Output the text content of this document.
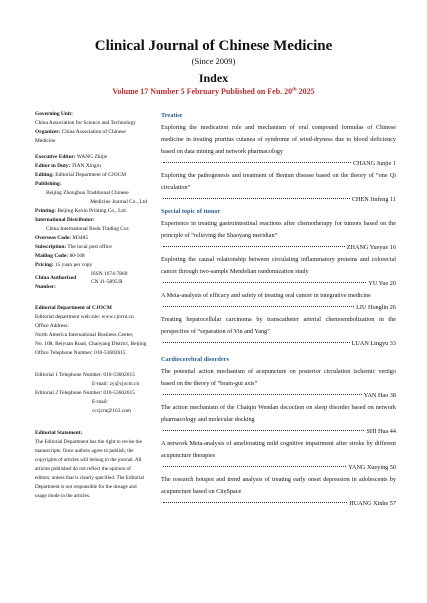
Clinical Journal of Chinese Medicine
(Since 2009)
Index
Volume 17 Number 5 February Published on Feb. 20th 2025

Governing Unit:

China Association for Science and Technology

Organizer: China Association of Chinese Medicine

Executive Editor: WANG Zhijie

Editor in Duty: TIAN Xingru

Editing: Editorial Department of CJOCM

Publishing:

Beijing Zhonghua Traditional Chinese

Medicine Journal Co., Ltd

Printing: Beijing Kexin Printing Co., Ltd.

International Distributor:

China International Book Trading Cor.

Overseas Code: M3485

Subscription: The local post office

Mailing Code: 80-108

Pricing: 15 yuan per copy

China Authorized Number:
ISSN 1674-7860
CN 11-5895/R

Editorial Department of CJOCM

Editorial department web site: www.cjocm.cn

Office Address:

North America International Business Center,

No. 108, Beiyuan Road, Chaoyang District, Beijing

Office Telephone Number: 010-53602615

Editorial 1 Telephone Number: 010-53602615

E-mail: zy@cjocm.cn

Editorial 2 Telephone Number: 010-53602615

E-mail: cccjcm@163.com

Editorial Statement:

The Editorial Department has the right to revise the manuscripts. Once authors agree to publish, the copyrights of articles will belong to the journal. All articles published do not reflect the opinion of editors, unless that is clearly specified. The Editorial Department is not responsible for the dosage and usage mode in the articles.

Treatise

Exploring the medication rule and mechanism of oral compound formulas of Chinese medicine in treating pruritus cutanea of syndrome of wind-dryness due to blood deficiency based on data mining and network pharmacology

CHANG Junjie 1

Exploring the pathogenesis and treatment of Bentun disease based on the theory of “one Qi circulation”

CHEN Jinfeng 11
Special topic of tumor

Experience in treating gastrointestinal reactions after chemotherapy for tumors based on the principle of “relieving the Shaoyang meridian”

ZHANG Yueyue 16

Exploring the causal relationship between circulating inflammatory proteins and colorectal cancer through two-sample Mendelian randomization study

YU Yue 20

A Meta-analysis of efficacy and safety of treating oral cancer in integrative medicine

LIU Honglin 26

Treating hepatocellular carcinoma by transcatheter arterial chemoembolization in the perspective of “separation of Yin and Yang”

LUAN Lingyu 33
Cardiocerebral disorders

The potential action mechanism of acupuncture on posterior circulation ischemic vertigo based on the theory of “brain-gut axis”

YAN Hao 38

The action mechanism of the Chaiqin Wendan decoction on sleep disorder based on network pharmacology and molecular docking

SHI Hua 44

A network Meta-analysis of ameliorating mild cognitive impairment after stroke by different acupuncture therapies

YANG Xueying 50

The research hotspot and trend analysis of treating early onset depression in adolescents by acupuncture based on CiteSpace

HUANG Xinhe 57
